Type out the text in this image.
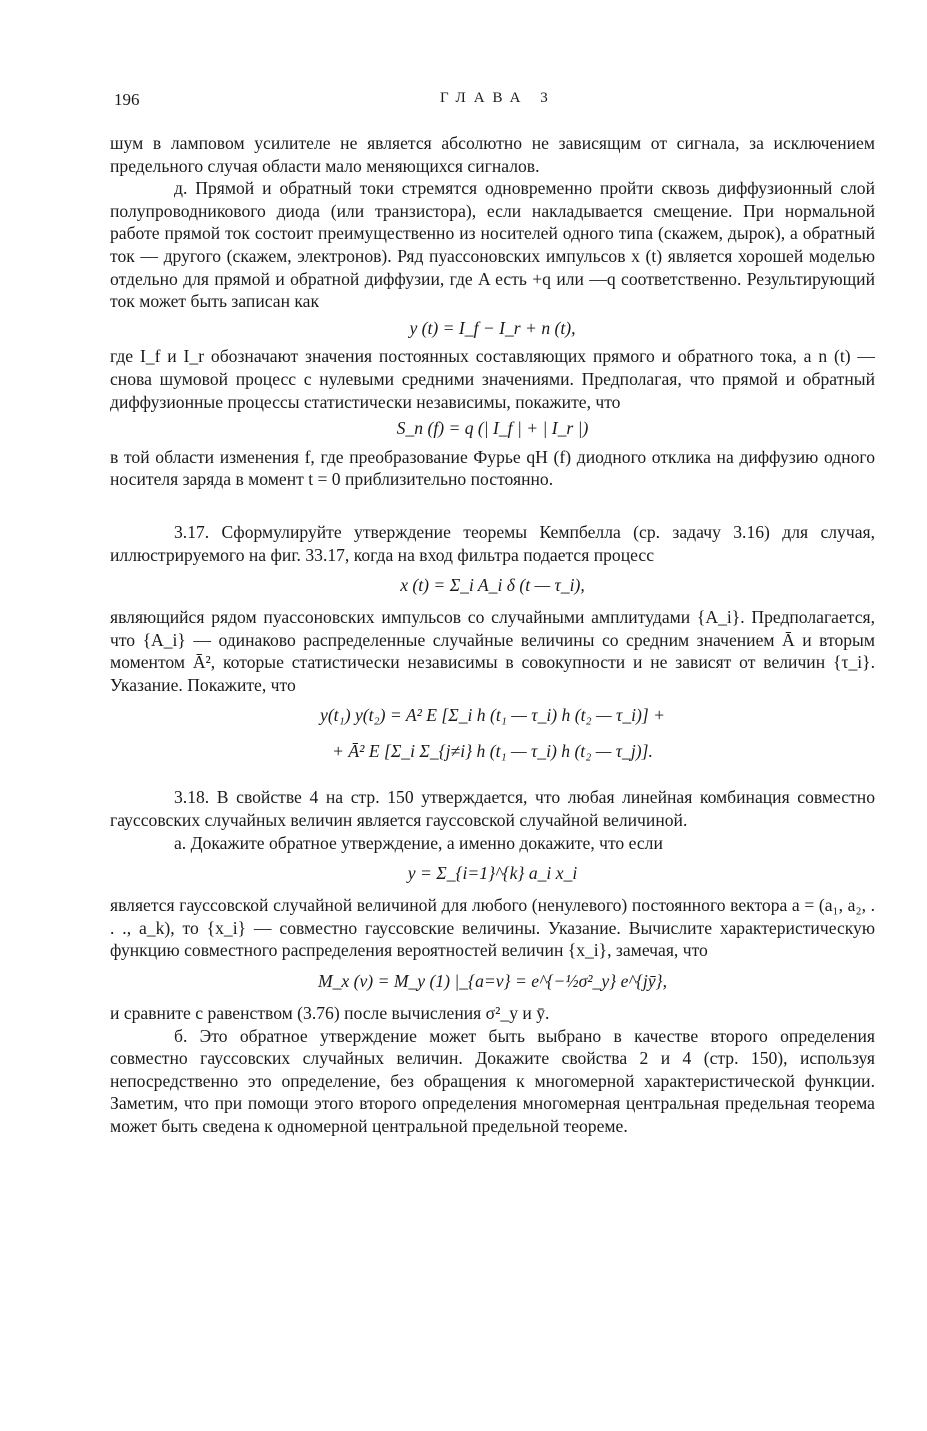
196	ГЛАВА 3

шум в ламповом усилителе не является абсолютно не зависящим от сигнала, за исключением предельного случая области мало меняющихся сигналов.

д. Прямой и обратный токи стремятся одновременно пройти сквозь диффузионный слой полупроводникового диода (или транзистора), если накладывается смещение. При нормальной работе прямой ток состоит преимущественно из носителей одного типа (скажем, дырок), а обратный ток — другого (скажем, электронов). Ряд пуассоновских импульсов x (t) является хорошей моделью отдельно для прямой и обратной диффузии, где A есть +q или —q соответственно. Результирующий ток может быть записан как

y (t) = I_f − I_r + n (t),

где I_f и I_r обозначают значения постоянных составляющих прямого и обратного тока, а n (t) — снова шумовой процесс с нулевыми средними значениями. Предполагая, что прямой и обратный диффузионные процессы статистически независимы, покажите, что

S_n (f) = q (| I_f | + | I_r |)

в той области изменения f, где преобразование Фурье qH (f) диодного отклика на диффузию одного носителя заряда в момент t = 0 приблизительно постоянно.

3.17. Сформулируйте утверждение теоремы Кемпбелла (ср. задачу 3.16) для случая, иллюстрируемого на фиг. 33.17, когда на вход фильтра подается процесс

x (t) = Σ_i A_i δ (t — τ_i),

являющийся рядом пуассоновских импульсов со случайными амплитудами {A_i}. Предполагается, что {A_i} — одинаково распределенные случайные величины со средним значением Ā и вторым моментом Ā², которые статистически независимы в совокупности и не зависят от величин {τ_i}. Указание. Покажите, что

y(t₁) y(t₂) = A² E [Σ_i h (t₁ — τ_i) h (t₂ — τ_i)] +

+ Ā² E [Σ_i Σ_{j≠i} h (t₁ — τ_i) h (t₂ — τ_j)].

3.18. В свойстве 4 на стр. 150 утверждается, что любая линейная комбинация совместно гауссовских случайных величин является гауссовской случайной величиной.

а. Докажите обратное утверждение, а именно докажите, что если

y = Σ_{i=1}^{k} a_i x_i

является гауссовской случайной величиной для любого (ненулевого) постоянного вектора a = (a₁, a₂, . . ., a_k), то {x_i} — совместно гауссовские величины. Указание. Вычислите характеристическую функцию совместного распределения вероятностей величин {x_i}, замечая, что

M_x (v) = M_y (1) |_{a=v} = e^{−½σ²_y} e^{jȳ},

и сравните с равенством (3.76) после вычисления σ²_y и ȳ.

б. Это обратное утверждение может быть выбрано в качестве второго определения совместно гауссовских случайных величин. Докажите свойства 2 и 4 (стр. 150), используя непосредственно это определение, без обращения к многомерной характеристической функции. Заметим, что при помощи этого второго определения многомерная центральная предельная теорема может быть сведена к одномерной центральной предельной теореме.
